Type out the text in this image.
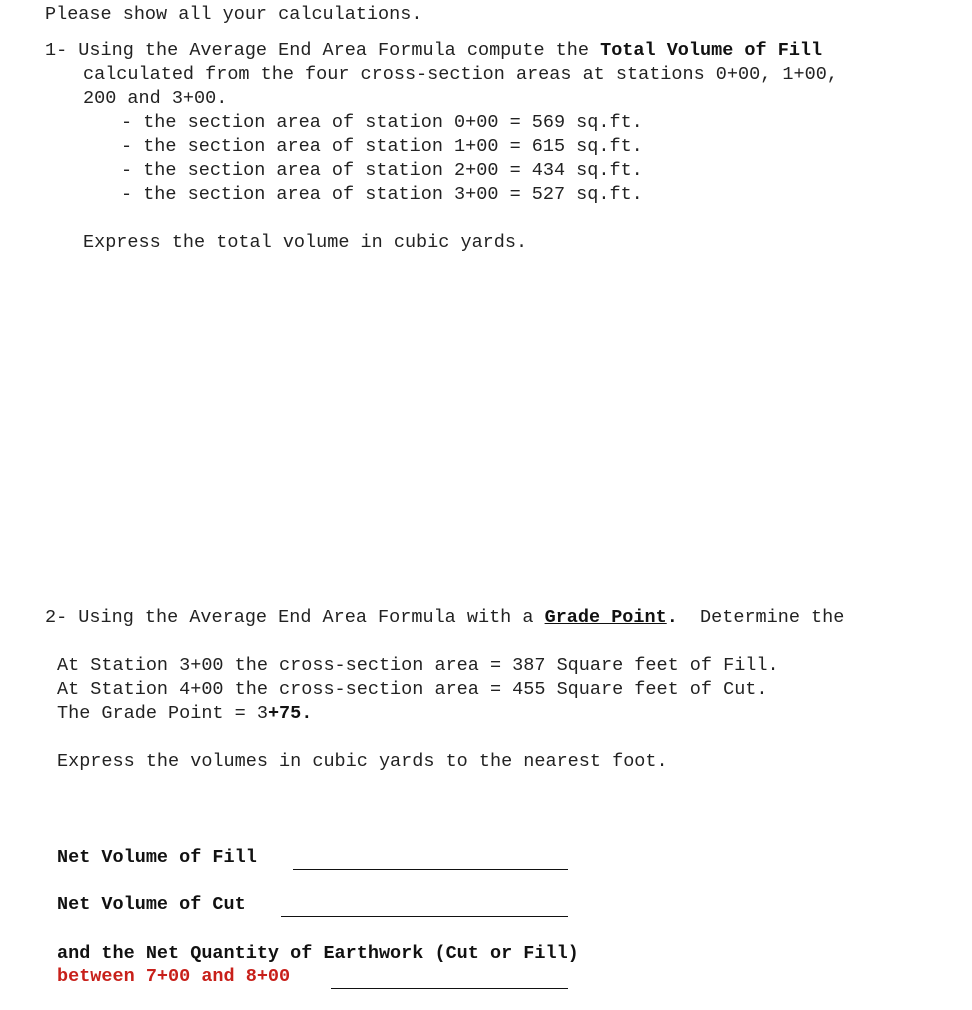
Please show all your calculations.
1- Using the Average End Area Formula compute the Total Volume of Fill
calculated from the four cross-section areas at stations 0+00, 1+00,
200 and 3+00.
- the section area of station 0+00 = 569 sq.ft.
- the section area of station 1+00 = 615 sq.ft.
- the section area of station 2+00 = 434 sq.ft.
- the section area of station 3+00 = 527 sq.ft.
Express the total volume in cubic yards.
2- Using the Average End Area Formula with a Grade Point.  Determine the
At Station 3+00 the cross-section area = 387 Square feet of Fill.
At Station 4+00 the cross-section area = 455 Square feet of Cut.
The Grade Point = 3+75.
Express the volumes in cubic yards to the nearest foot.
Net Volume of Fill
Net Volume of Cut
and the Net Quantity of Earthwork (Cut or Fill)
between 7+00 and 8+00
